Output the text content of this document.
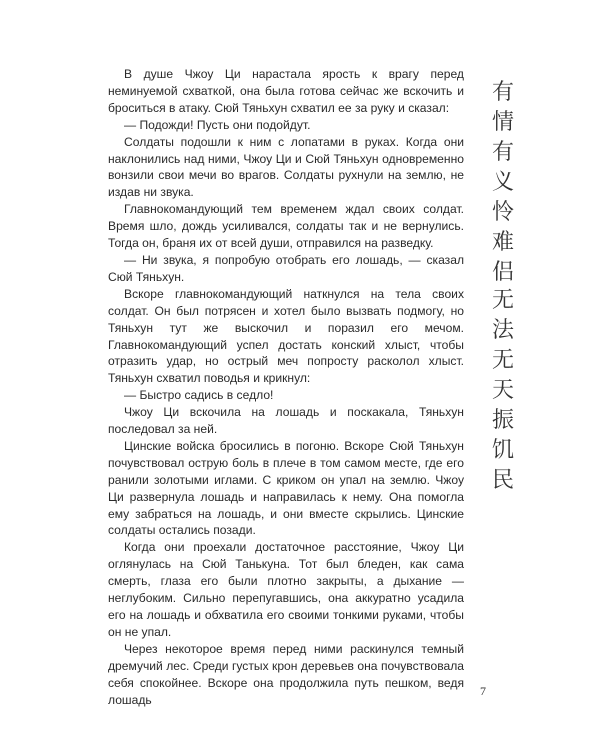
В душе Чжоу Ци нарастала ярость к врагу перед неминуемой схваткой, она была готова сейчас же вскочить и броситься в атаку. Сюй Тяньхун схватил ее за руку и сказал:

— Подожди! Пусть они подойдут.

Солдаты подошли к ним с лопатами в руках. Когда они наклонились над ними, Чжоу Ци и Сюй Тяньхун одновременно вонзили свои мечи во врагов. Солдаты рухнули на землю, не издав ни звука.

Главнокомандующий тем временем ждал своих солдат. Время шло, дождь усиливался, солдаты так и не вернулись. Тогда он, браня их от всей души, отправился на разведку.

— Ни звука, я попробую отобрать его лошадь, — сказал Сюй Тяньхун.

Вскоре главнокомандующий наткнулся на тела своих солдат. Он был потрясен и хотел было вызвать подмогу, но Тяньхун тут же выскочил и поразил его мечом. Главнокомандующий успел достать конский хлыст, чтобы отразить удар, но острый меч попросту расколол хлыст. Тяньхун схватил поводья и крикнул:

— Быстро садись в седло!

Чжоу Ци вскочила на лошадь и поскакала, Тяньхун последовал за ней.

Цинские войска бросились в погоню. Вскоре Сюй Тяньхун почувствовал острую боль в плече в том самом месте, где его ранили золотыми иглами. С криком он упал на землю. Чжоу Ци развернула лошадь и направилась к нему. Она помогла ему забраться на лошадь, и они вместе скрылись. Цинские солдаты остались позади.

Когда они проехали достаточное расстояние, Чжоу Ци оглянулась на Сюй Танькуна. Тот был бледен, как сама смерть, глаза его были плотно закрыты, а дыхание — неглубоким. Сильно перепугавшись, она аккуратно усадила его на лошадь и обхватила его своими тонкими руками, чтобы он не упал.

Через некоторое время перед ними раскинулся темный дремучий лес. Среди густых крон деревьев она почувствовала себя спокойнее. Вскоре она продолжила путь пешком, ведя лошадь

有情有义怜难侣
无法无天振饥民
7
